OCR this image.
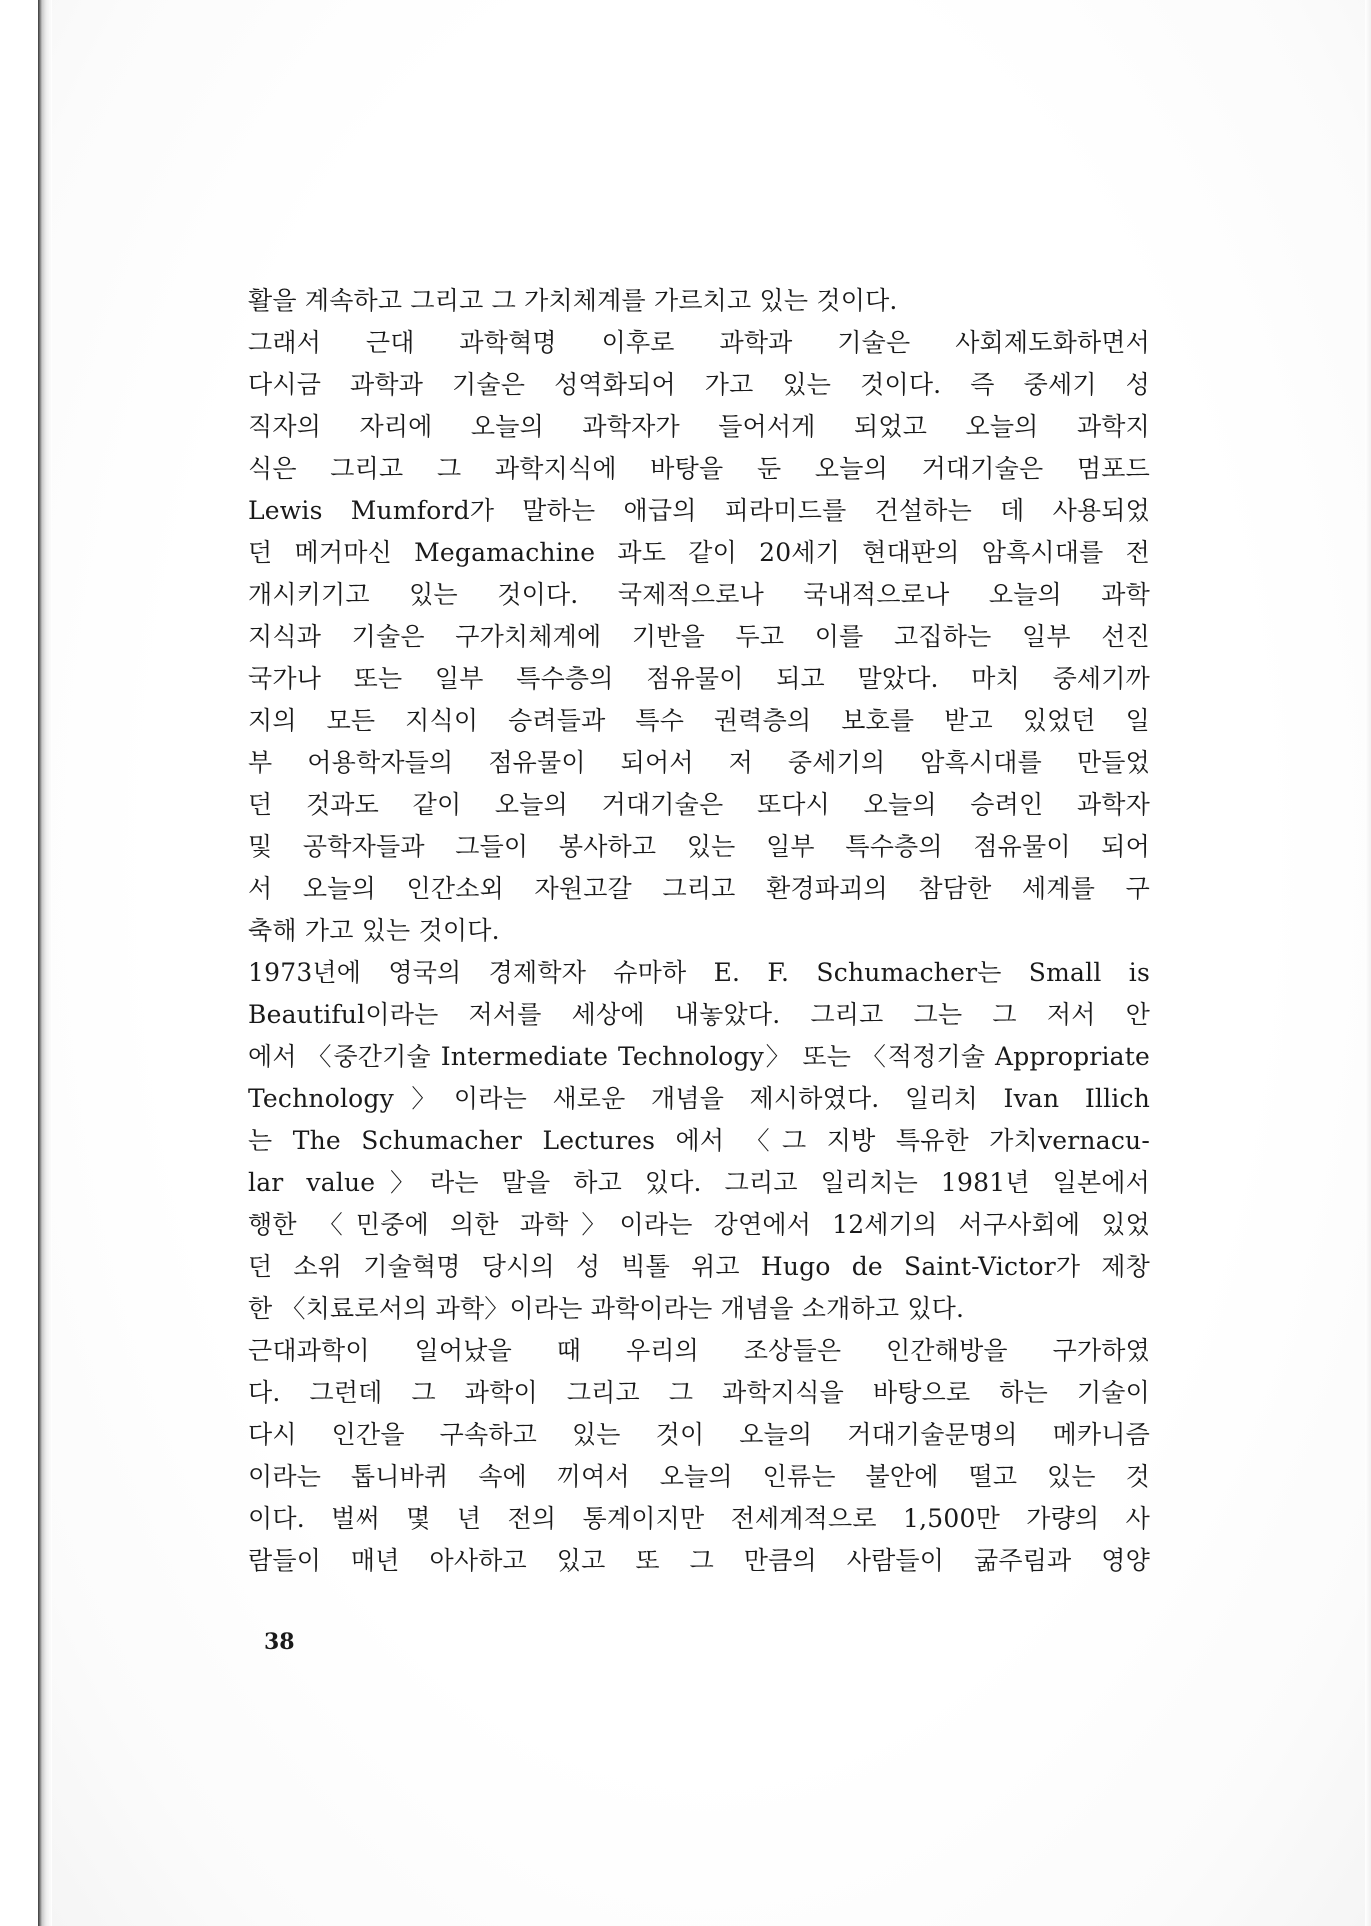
활을 계속하고 그리고 그 가치체계를 가르치고 있는 것이다.
그래서 근대 과학혁명 이후로 과학과 기술은 사회제도화하면서
다시금 과학과 기술은 성역화되어 가고 있는 것이다. 즉 중세기 성
직자의 자리에 오늘의 과학자가 들어서게 되었고 오늘의 과학지
식은 그리고 그 과학지식에 바탕을 둔 오늘의 거대기술은 멈포드
Lewis Mumford가 말하는 애급의 피라미드를 건설하는 데 사용되었
던 메거마신 Megamachine 과도 같이 20세기 현대판의 암흑시대를 전
개시키기고 있는 것이다. 국제적으로나 국내적으로나 오늘의 과학
지식과 기술은 구가치체계에 기반을 두고 이를 고집하는 일부 선진
국가나 또는 일부 특수층의 점유물이 되고 말았다. 마치 중세기까
지의 모든 지식이 승려들과 특수 권력층의 보호를 받고 있었던 일
부 어용학자들의 점유물이 되어서 저 중세기의 암흑시대를 만들었
던 것과도 같이 오늘의 거대기술은 또다시 오늘의 승려인 과학자
및 공학자들과 그들이 봉사하고 있는 일부 특수층의 점유물이 되어
서 오늘의 인간소외 자원고갈 그리고 환경파괴의 참담한 세계를 구
축해 가고 있는 것이다.
1973년에 영국의 경제학자 슈마하 E. F. Schumacher는 Small is
Beautiful이라는 저서를 세상에 내놓았다. 그리고 그는 그 저서 안
에서 〈중간기술 Intermediate Technology〉 또는 〈적정기술 Appropriate
Technology〉이라는 새로운 개념을 제시하였다. 일리치 Ivan Illich
는 The Schumacher Lectures 에서 〈그 지방 특유한 가치vernacu-
lar value〉라는 말을 하고 있다. 그리고 일리치는 1981년 일본에서
행한 〈민중에 의한 과학〉이라는 강연에서 12세기의 서구사회에 있었
던 소위 기술혁명 당시의 성 빅톨 위고 Hugo de Saint-Victor가 제창
한 〈치료로서의 과학〉이라는 과학이라는 개념을 소개하고 있다.
근대과학이 일어났을 때 우리의 조상들은 인간해방을 구가하였
다. 그런데 그 과학이 그리고 그 과학지식을 바탕으로 하는 기술이
다시 인간을 구속하고 있는 것이 오늘의 거대기술문명의 메카니즘
이라는 톱니바퀴 속에 끼여서 오늘의 인류는 불안에 떨고 있는 것
이다. 벌써 몇 년 전의 통계이지만 전세계적으로 1,500만 가량의 사
람들이 매년 아사하고 있고 또 그 만큼의 사람들이 굶주림과 영양
38
